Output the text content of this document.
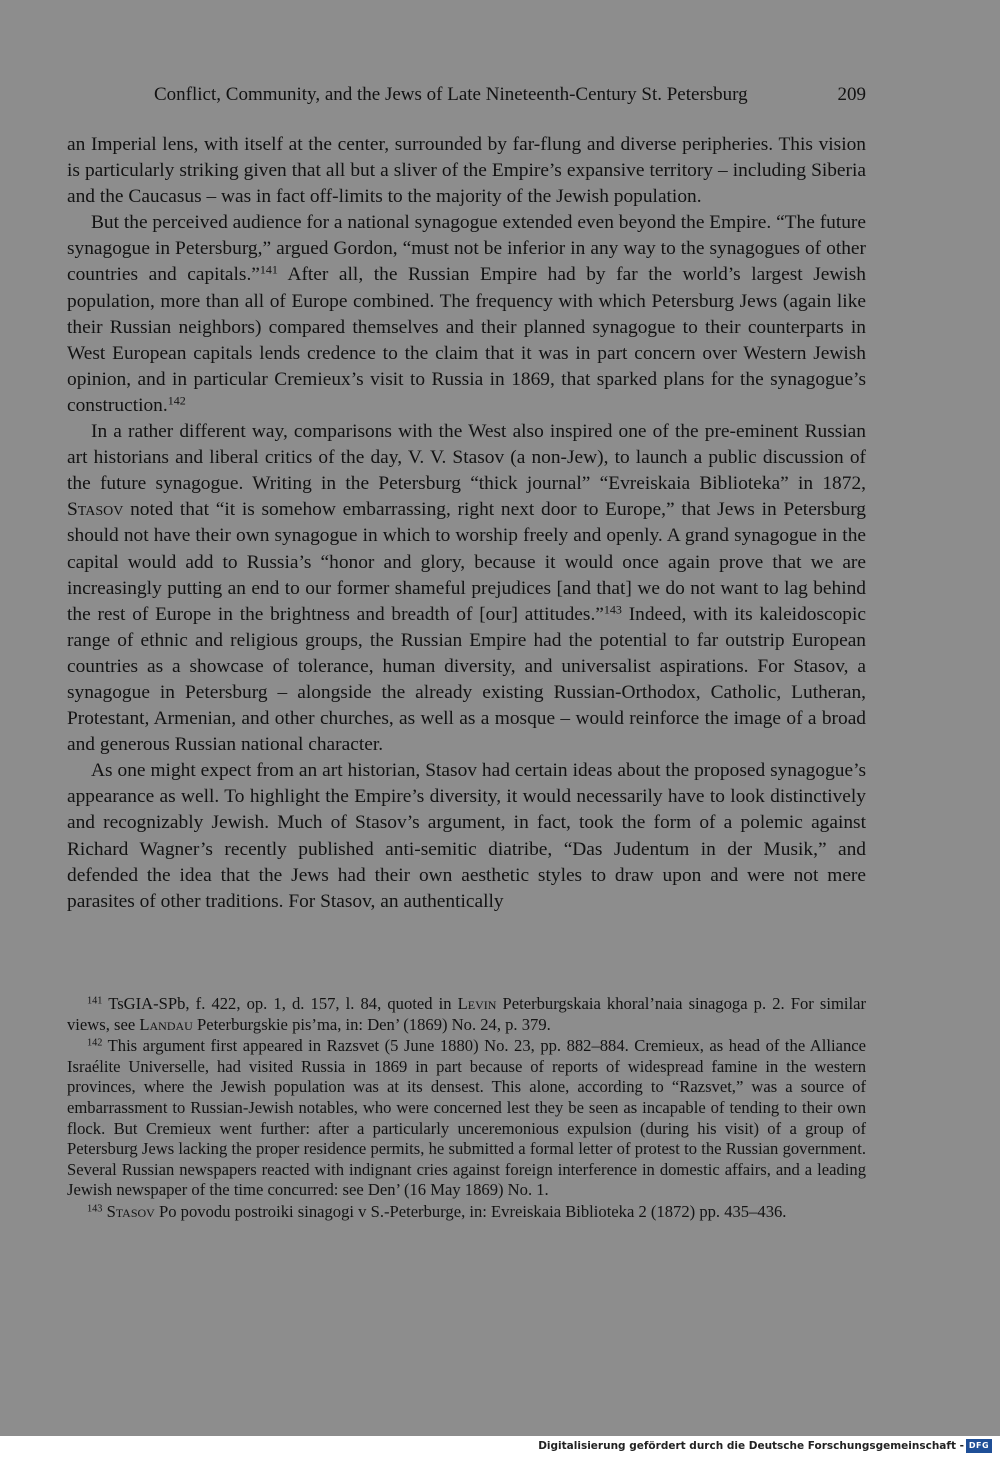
Conflict, Community, and the Jews of Late Nineteenth-Century St. Petersburg	209

an Imperial lens, with itself at the center, surrounded by far-flung and diverse peripheries. This vision is particularly striking given that all but a sliver of the Empire’s expansive territory – including Siberia and the Caucasus – was in fact off-limits to the majority of the Jewish population.

But the perceived audience for a national synagogue extended even beyond the Empire. “The future synagogue in Petersburg,” argued Gordon, “must not be inferior in any way to the synagogues of other countries and capitals.”$^{141}$ After all, the Russian Empire had by far the world’s largest Jewish population, more than all of Europe combined. The frequency with which Petersburg Jews (again like their Russian neighbors) compared themselves and their planned synagogue to their counterparts in West European capitals lends credence to the claim that it was in part concern over Western Jewish opinion, and in particular Cremieux’s visit to Russia in 1869, that sparked plans for the synagogue’s construction.$^{142}$

In a rather different way, comparisons with the West also inspired one of the pre-eminent Russian art historians and liberal critics of the day, V. V. Stasov (a non-Jew), to launch a public discussion of the future synagogue. Writing in the Petersburg “thick journal” “Evreiskaia Biblioteka” in 1872, Stasov noted that “it is somehow embarrassing, right next door to Europe,” that Jews in Petersburg should not have their own synagogue in which to worship freely and openly. A grand synagogue in the capital would add to Russia’s “honor and glory, because it would once again prove that we are increasingly putting an end to our former shameful prejudices [and that] we do not want to lag behind the rest of Europe in the brightness and breadth of [our] attitudes.”$^{143}$ Indeed, with its kaleidoscopic range of ethnic and religious groups, the Russian Empire had the potential to far outstrip European countries as a showcase of tolerance, human diversity, and universalist aspirations. For Stasov, a synagogue in Petersburg – alongside the already existing Russian-Orthodox, Catholic, Lutheran, Protestant, Armenian, and other churches, as well as a mosque – would reinforce the image of a broad and generous Russian national character.

As one might expect from an art historian, Stasov had certain ideas about the proposed synagogue’s appearance as well. To highlight the Empire’s diversity, it would necessarily have to look distinctively and recognizably Jewish. Much of Stasov’s argument, in fact, took the form of a polemic against Richard Wagner’s recently published anti-semitic diatribe, “Das Judentum in der Musik,” and defended the idea that the Jews had their own aesthetic styles to draw upon and were not mere parasites of other traditions. For Stasov, an authentically

$^{141}$ TsGIA-SPb, f. 422, op. 1, d. 157, l. 84, quoted in Levin Peterburgskaia khoral’naia sinagoga p. 2. For similar views, see Landau Peterburgskie pis’ma, in: Den’ (1869) No. 24, p. 379.

$^{142}$ This argument first appeared in Razsvet (5 June 1880) No. 23, pp. 882–884. Cremieux, as head of the Alliance Israélite Universelle, had visited Russia in 1869 in part because of reports of widespread famine in the western provinces, where the Jewish population was at its densest. This alone, according to “Razsvet,” was a source of embarrassment to Russian-Jewish notables, who were concerned lest they be seen as incapable of tending to their own flock. But Cremieux went further: after a particularly unceremonious expulsion (during his visit) of a group of Petersburg Jews lacking the proper residence permits, he submitted a formal letter of protest to the Russian government. Several Russian newspapers reacted with indignant cries against foreign interference in domestic affairs, and a leading Jewish newspaper of the time concurred: see Den’ (16 May 1869) No. 1.

$^{143}$ Stasov Po povodu postroiki sinagogi v S.-Peterburge, in: Evreiskaia Biblioteka 2 (1872) pp. 435–436.

Digitalisierung gefördert durch die Deutsche Forschungsgemeinschaft - DFG
